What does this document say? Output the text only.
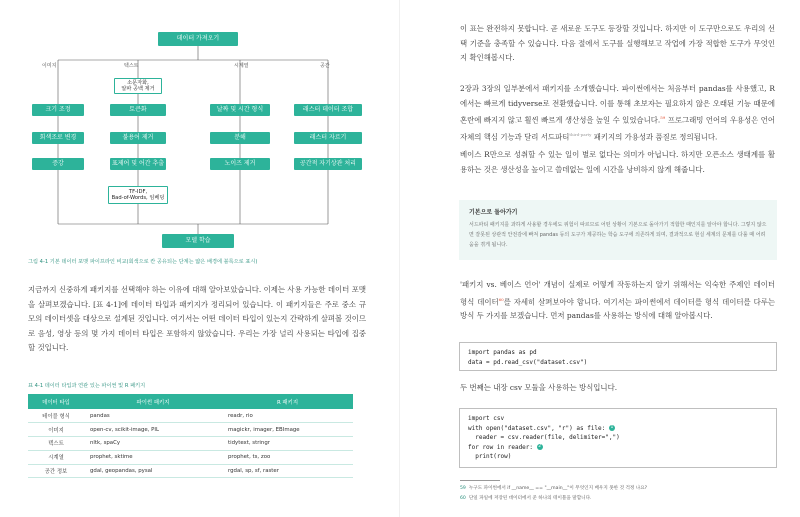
데이터 가져오기
이미지	텍스트	시계열	공간
소문자화,
알파 공백 제거
크기 조정
회색조로 변경
증강
토큰화
불용어 제거
표제어 및 어간 추출
TF-IDF,
Bad-of-Words, 임베딩
날짜 및 시간 형식
분해
노이즈 제거
래스터 데이터 조합
래스터 자르기
공간적 자기상관 처리
모델 학습
그림 4-1 기본 데이터 포맷 파이프라인 비교(회색으로 칸 공유되는 단계는 얇은 배경에 블록으로 표시)

지금까지 신중하게 패키지를 선택해야 하는 이유에 대해 알아보았습니다. 이제는 사용 가능한 데이터 포맷을 살펴보겠습니다. [표 4-1]에 데이터 타입과 패키지가 정리되어 있습니다. 이 패키지들은 주로 중소 규모의 데이터셋을 대상으로 설계된 것입니다. 여기서는 어떤 데이터 타입이 있는지 간략하게 살펴볼 것이므로 음성, 영상 등의 몇 가지 데이터 타입은 포함하지 않았습니다. 우리는 가장 널리 사용되는 타입에 집중할 것입니다.

표 4-1 데이터 타입과 연관 있는 파이썬 및 R 패키지
데이터 타입	파이썬 패키지	R 패키지
테이블 형식	pandas	readr, rio
이미지	open-cv, scikit-image, PIL	magickr, imager, EBImage
텍스트	nltk, spaCy	tidytext, stringr
시계열	prophet, sktime	prophet, ts, zoo
공간 정보	gdal, geopandas, pysal	rgdal, sp, sf, raster

이 표는 완전하지 못합니다. 곧 새로운 도구도 등장할 것입니다. 하지만 이 도구만으로도 우리의 선택 기준을 충족할 수 있습니다. 다음 절에서 도구를 실행해보고 작업에 가장 적합한 도구가 무엇인지 확인해봅시다.

2장과 3장의 일부분에서 패키지를 소개했습니다. 파이썬에서는 처음부터 pandas를 사용했고, R에서는 빠르게 tidyverse로 전환했습니다. 이를 통해 초보자는 필요하지 않은 오래된 기능 때문에 혼란에 빠지지 않고 훨씬 빠르게 생산성을 높일 수 있었습니다.$^{59}$ 프로그래밍 언어의 우용성은 언어 자체의 핵심 기능과 달리 서드파티$^{third-party}$ 패키지의 가용성과 품질로 정의됩니다.

베이스 R만으로 성취할 수 있는 일이 별로 없다는 의미가 아닙니다. 하지만 오픈소스 생태계를 활용하는 것은 생산성을 높이고 쓸데없는 일에 시간을 낭비하지 않게 해줍니다.

기본으로 돌아가기
서드파티 패키지를 과하게 사용할 경우에도 위험이 따르므로 어떤 상황이 기본으로 돌아가기 적합한 때인지를 알아야 합니다. 그렇지 않으면 잘못된 상관적 안전감에 빠져 pandas 등의 도구가 제공하는 학습 도구에 의존하게 되며, 결과적으로 현실 세계의 문제를 다룰 때 어려움을 겪게 됩니다.

'패키지 vs. 베이스 언어' 개념이 실제로 어떻게 작동하는지 알기 위해서는 익숙한 주제인 데이터 형식 데이터$^{60}$를 자세히 살펴보아야 합니다. 여기서는 파이썬에서 데이터를 형식 데이터를 다루는 방식 두 가지를 보겠습니다. 먼저 pandas를 사용하는 방식에 대해 알아봅시다.

import pandas as pd
data = pd.read_csv("dataset.csv")

두 번째는 내장 csv 모듈을 사용하는 방식입니다.

import csv
with open("dataset.csv", "r") as file: 1
reader = csv.reader(file, delimiter=",")
for row in reader: 2
print(row)
59 누구도 파이썬에서 if __name__ == "__main__"이 무엇인지 배우지 못한 것 걱정 나요?
60 단일 파일에 저장된 데이터에서 준 하나의 테이블을 말합니다.
